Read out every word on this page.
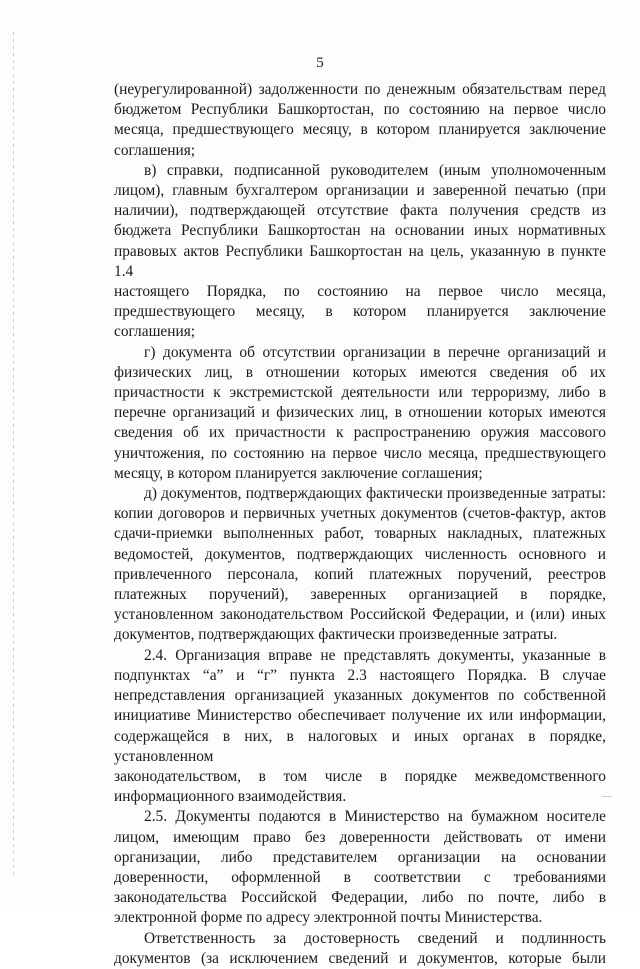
5

(неурегулированной) задолженности по денежным обязательствам перед
бюджетом Республики Башкортостан, по состоянию на первое число
месяца, предшествующего месяцу, в котором планируется заключение
соглашения;

в) справки, подписанной руководителем (иным уполномоченным
лицом), главным бухгалтером организации и заверенной печатью (при
наличии), подтверждающей отсутствие факта получения средств из
бюджета Республики Башкортостан на основании иных нормативных
правовых актов Республики Башкортостан на цель, указанную в пункте 1.4
настоящего Порядка, по состоянию на первое число месяца,
предшествующего месяцу, в котором планируется заключение соглашения;

г) документа об отсутствии организации в перечне организаций и
физических лиц, в отношении которых имеются сведения об их
причастности к экстремистской деятельности или терроризму, либо в
перечне организаций и физических лиц, в отношении которых имеются
сведения об их причастности к распространению оружия массового
уничтожения, по состоянию на первое число месяца, предшествующего
месяцу, в котором планируется заключение соглашения;

д) документов, подтверждающих фактически произведенные затраты:
копии договоров и первичных учетных документов (счетов-фактур, актов
сдачи-приемки выполненных работ, товарных накладных, платежных
ведомостей, документов, подтверждающих численность основного и
привлеченного персонала, копий платежных поручений, реестров
платежных поручений), заверенных организацией в порядке,
установленном законодательством Российской Федерации, и (или) иных
документов, подтверждающих фактически произведенные затраты.

2.4. Организация вправе не представлять документы, указанные в
подпунктах “а” и “г” пункта 2.3 настоящего Порядка. В случае
непредставления организацией указанных документов по собственной
инициативе Министерство обеспечивает получение их или информации,
содержащейся в них, в налоговых и иных органах в порядке, установленном
законодательством, в том числе в порядке межведомственного
информационного взаимодействия.

2.5. Документы подаются в Министерство на бумажном носителе
лицом, имеющим право без доверенности действовать от имени
организации, либо представителем организации на основании
доверенности, оформленной в соответствии с требованиями
законодательства Российской Федерации, либо по почте, либо в
электронной форме по адресу электронной почты Министерства.

Ответственность за достоверность сведений и подлинность
документов (за исключением сведений и документов, которые были
